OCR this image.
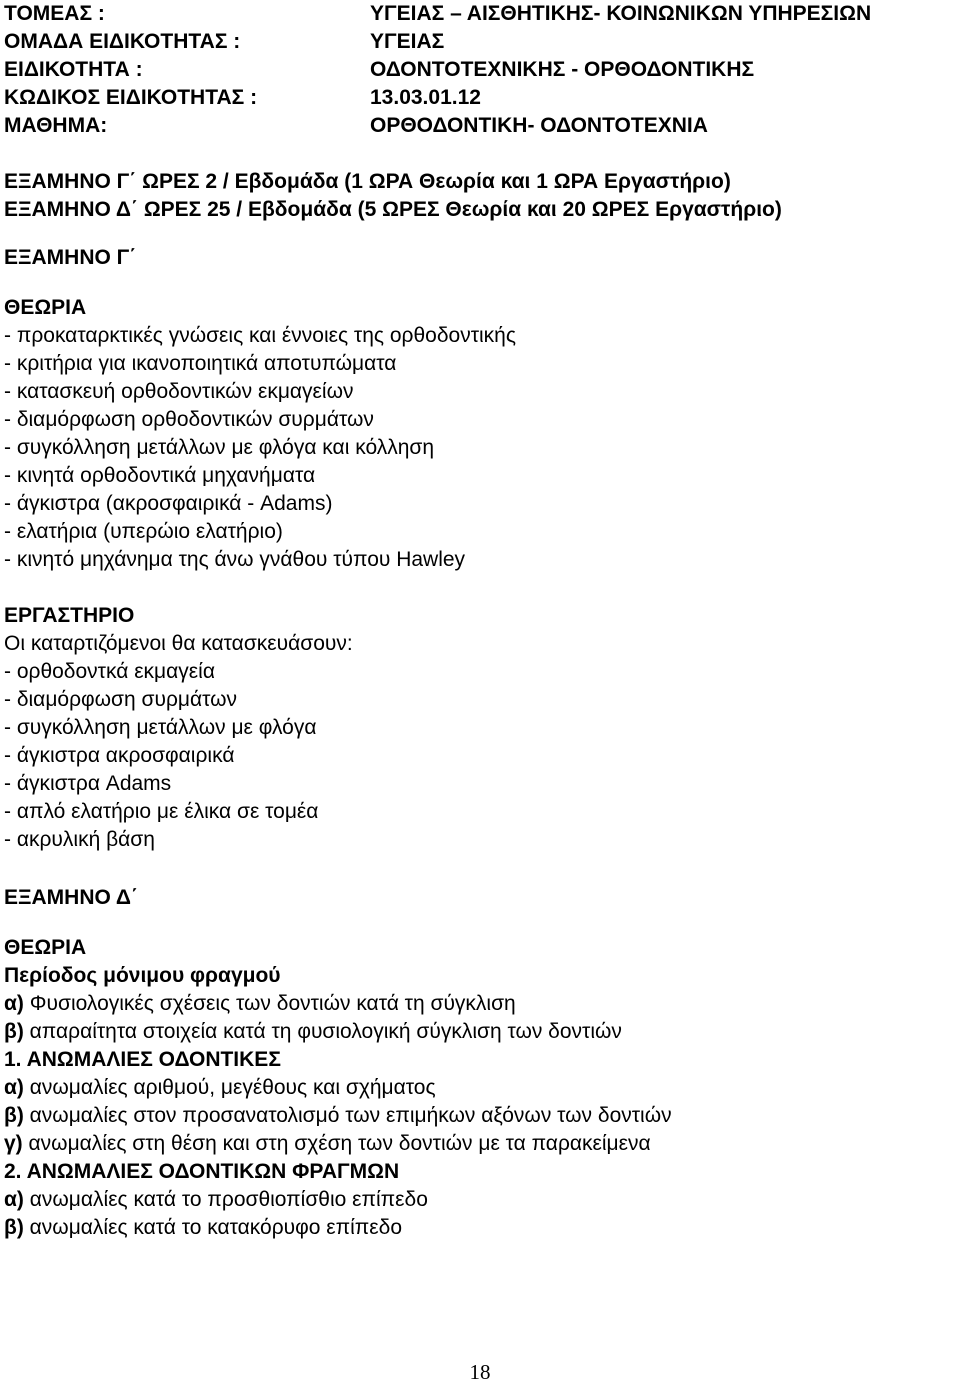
ΤΟΜΕΑΣ :	ΥΓΕΙΑΣ – ΑΙΣΘΗΤΙΚΗΣ- ΚΟΙΝΩΝΙΚΩΝ ΥΠΗΡΕΣΙΩΝ
ΟΜΑΔΑ ΕΙΔΙΚΟΤΗΤΑΣ :	ΥΓΕΙΑΣ
ΕΙΔΙΚΟΤΗΤΑ :	ΟΔΟΝΤΟΤΕΧΝΙΚΗΣ - ΟΡΘΟΔΟΝΤΙΚΗΣ
ΚΩΔΙΚΟΣ ΕΙΔΙΚΟΤΗΤΑΣ :	13.03.01.12
ΜΑΘΗΜΑ:	ΟΡΘΟΔΟΝΤΙΚΗ- ΟΔΟΝΤΟΤΕΧΝΙΑ
ΕΞΑΜΗΝΟ Γ΄ ΩΡΕΣ 2 / Εβδομάδα (1 ΩΡΑ Θεωρία και 1 ΩΡΑ Εργαστήριο)
ΕΞΑΜΗΝΟ Δ΄ ΩΡΕΣ 25 / Εβδομάδα (5 ΩΡΕΣ Θεωρία και 20 ΩΡΕΣ Εργαστήριο)
ΕΞΑΜΗΝΟ Γ΄
ΘΕΩΡΙΑ
- προκαταρκτικές γνώσεις και έννοιες της ορθοδοντικής
- κριτήρια για ικανοποιητικά αποτυπώματα
- κατασκευή ορθοδοντικών εκμαγείων
- διαμόρφωση ορθοδοντικών συρμάτων
- συγκόλληση μετάλλων με φλόγα και κόλληση
- κινητά ορθοδοντικά μηχανήματα
- άγκιστρα (ακροσφαιρικά - Adams)
- ελατήρια (υπερώιο ελατήριο)
- κινητό μηχάνημα της άνω γνάθου τύπου Hawley
ΕΡΓΑΣΤΗΡΙΟ
Οι καταρτιζόμενοι θα κατασκευάσουν:
- ορθοδοντκά εκμαγεία
- διαμόρφωση συρμάτων
- συγκόλληση μετάλλων με φλόγα
- άγκιστρα ακροσφαιρικά
- άγκιστρα Adams
- απλό ελατήριο με έλικα σε τομέα
- ακρυλική βάση
ΕΞΑΜΗΝΟ Δ΄
ΘΕΩΡΙΑ
Περίοδος μόνιμου φραγμού
α) Φυσιολογικές σχέσεις των δοντιών κατά τη σύγκλιση
β) απαραίτητα στοιχεία κατά τη φυσιολογική σύγκλιση των δοντιών
1. ΑΝΩΜΑΛΙΕΣ ΟΔΟΝΤΙΚΕΣ
α) ανωμαλίες αριθμού, μεγέθους και σχήματος
β) ανωμαλίες στον προσανατολισμό των επιμήκων αξόνων των δοντιών
γ) ανωμαλίες στη θέση και στη σχέση των δοντιών με τα παρακείμενα
2. ΑΝΩΜΑΛΙΕΣ ΟΔΟΝΤΙΚΩΝ ΦΡΑΓΜΩΝ
α) ανωμαλίες κατά το προσθιοπίσθιο επίπεδο
β) ανωμαλίες κατά το κατακόρυφο επίπεδο
18
